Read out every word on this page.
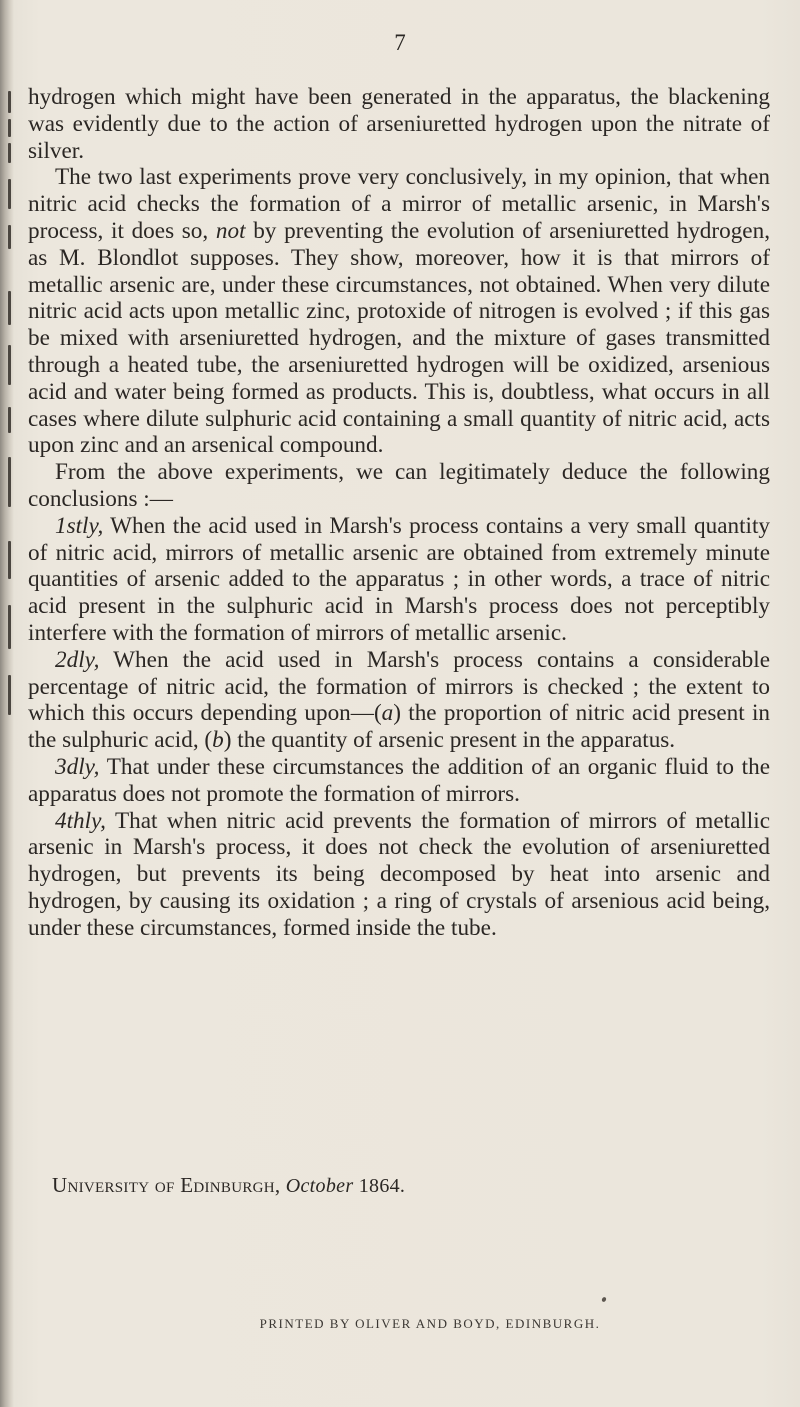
7

hydrogen which might have been generated in the apparatus, the blackening was evidently due to the action of arseniuretted hydrogen upon the nitrate of silver.

The two last experiments prove very conclusively, in my opinion, that when nitric acid checks the formation of a mirror of metallic arsenic, in Marsh's process, it does so, not by preventing the evolution of arseniuretted hydrogen, as M. Blondlot supposes. They show, moreover, how it is that mirrors of metallic arsenic are, under these circumstances, not obtained. When very dilute nitric acid acts upon metallic zinc, protoxide of nitrogen is evolved ; if this gas be mixed with arseniuretted hydrogen, and the mixture of gases transmitted through a heated tube, the arseniuretted hydrogen will be oxidized, arsenious acid and water being formed as products. This is, doubtless, what occurs in all cases where dilute sulphuric acid containing a small quantity of nitric acid, acts upon zinc and an arsenical compound.

From the above experiments, we can legitimately deduce the following conclusions :—

1stly, When the acid used in Marsh's process contains a very small quantity of nitric acid, mirrors of metallic arsenic are obtained from extremely minute quantities of arsenic added to the apparatus ; in other words, a trace of nitric acid present in the sulphuric acid in Marsh's process does not perceptibly interfere with the formation of mirrors of metallic arsenic.

2dly, When the acid used in Marsh's process contains a considerable percentage of nitric acid, the formation of mirrors is checked ; the extent to which this occurs depending upon—(a) the proportion of nitric acid present in the sulphuric acid, (b) the quantity of arsenic present in the apparatus.

3dly, That under these circumstances the addition of an organic fluid to the apparatus does not promote the formation of mirrors.

4thly, That when nitric acid prevents the formation of mirrors of metallic arsenic in Marsh's process, it does not check the evolution of arseniuretted hydrogen, but prevents its being decomposed by heat into arsenic and hydrogen, by causing its oxidation ; a ring of crystals of arsenious acid being, under these circumstances, formed inside the tube.

University of Edinburgh, October 1864.
PRINTED BY OLIVER AND BOYD, EDINBURGH.
